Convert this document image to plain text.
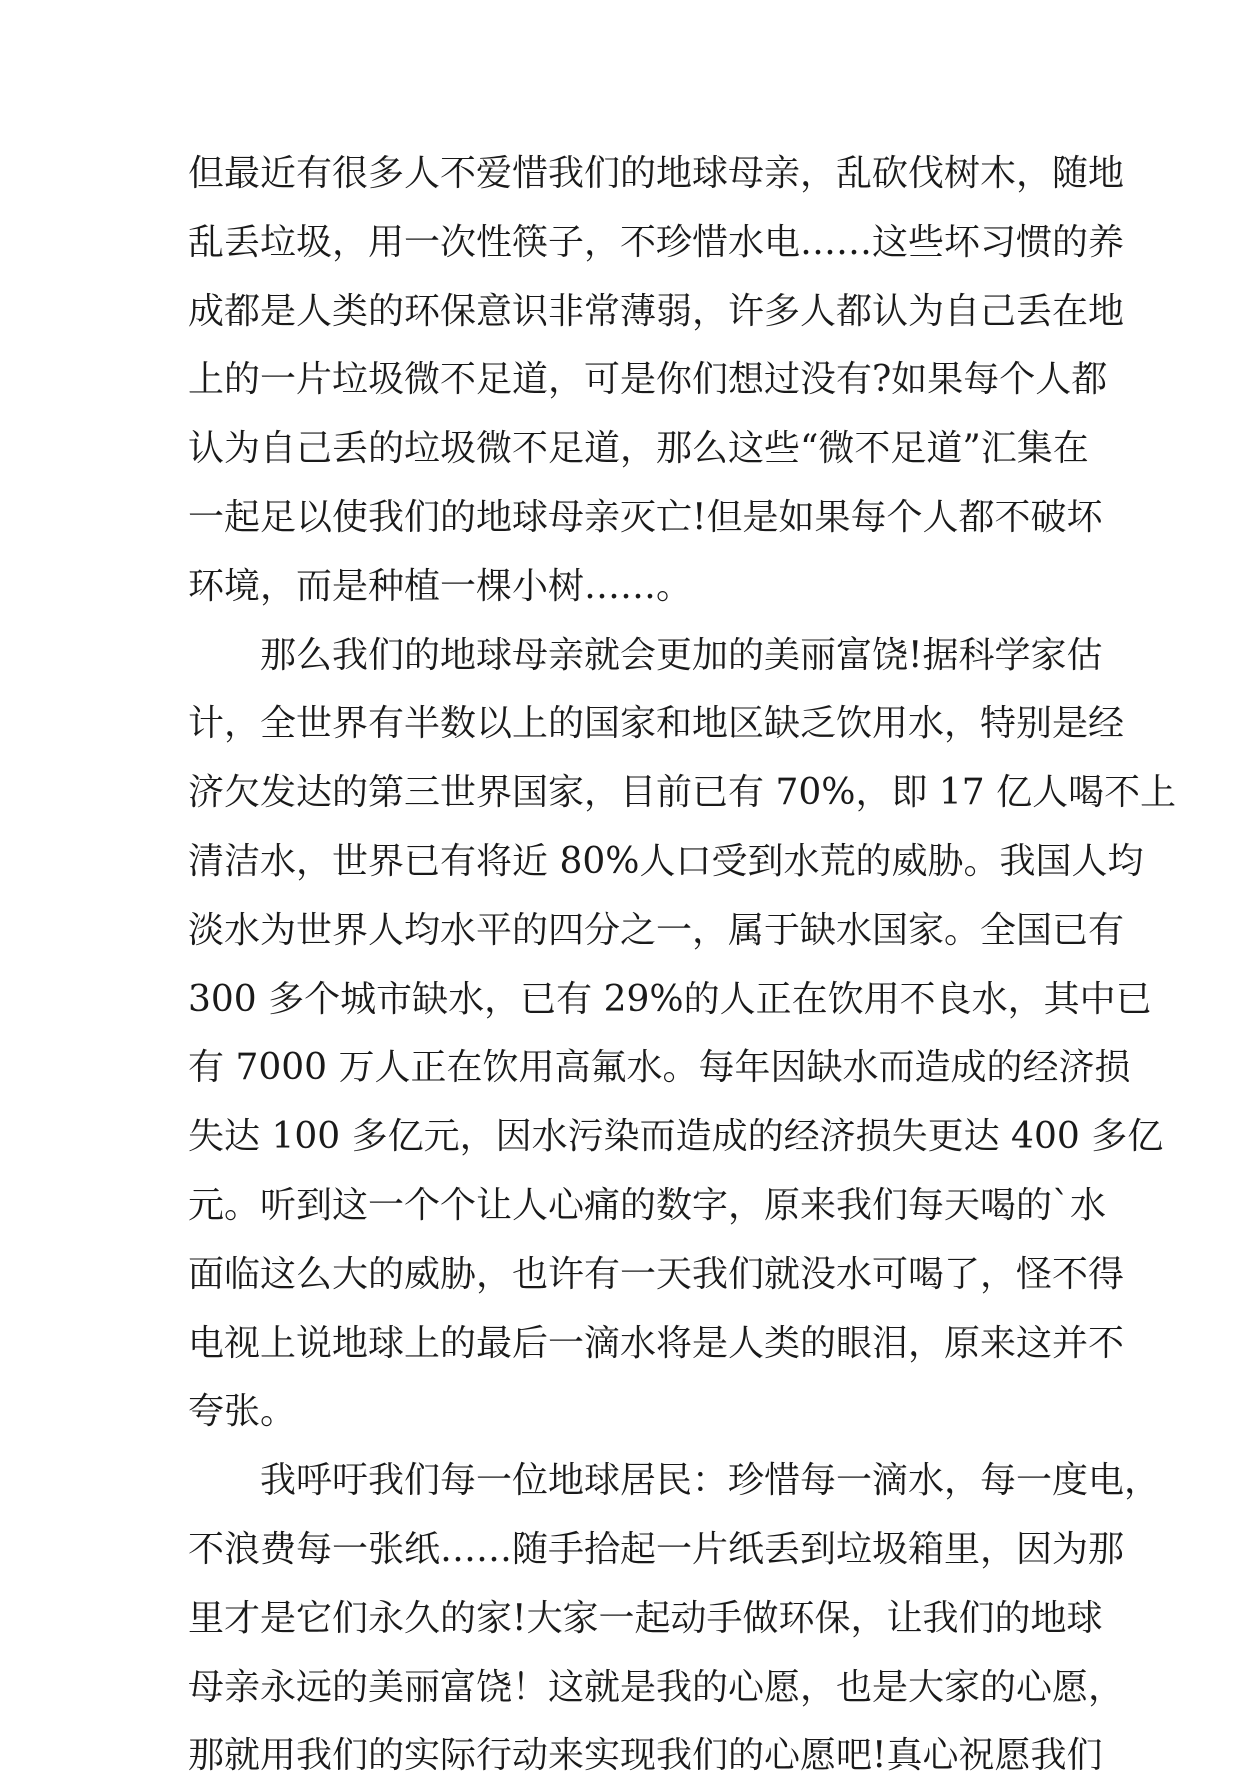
但最近有很多人不爱惜我们的地球母亲，乱砍伐树木，随地
乱丢垃圾，用一次性筷子，不珍惜水电……这些坏习惯的养
成都是人类的环保意识非常薄弱，许多人都认为自己丢在地
上的一片垃圾微不足道，可是你们想过没有?如果每个人都
认为自己丢的垃圾微不足道，那么这些“微不足道”汇集在
一起足以使我们的地球母亲灭亡!但是如果每个人都不破坏
环境，而是种植一棵小树……。
那么我们的地球母亲就会更加的美丽富饶!据科学家估
计，全世界有半数以上的国家和地区缺乏饮用水，特别是经
济欠发达的第三世界国家，目前已有 70%，即 17 亿人喝不上
清洁水，世界已有将近 80%人口受到水荒的威胁。我国人均
淡水为世界人均水平的四分之一，属于缺水国家。全国已有
300 多个城市缺水，已有 29%的人正在饮用不良水，其中已
有 7000 万人正在饮用高氟水。每年因缺水而造成的经济损
失达 100 多亿元，因水污染而造成的经济损失更达 400 多亿
元。听到这一个个让人心痛的数字，原来我们每天喝的`水
面临这么大的威胁，也许有一天我们就没水可喝了，怪不得
电视上说地球上的最后一滴水将是人类的眼泪，原来这并不
夸张。
我呼吁我们每一位地球居民：珍惜每一滴水，每一度电，
不浪费每一张纸……随手拾起一片纸丢到垃圾箱里，因为那
里才是它们永久的家!大家一起动手做环保，让我们的地球
母亲永远的美丽富饶！这就是我的心愿，也是大家的心愿，
那就用我们的实际行动来实现我们的心愿吧!真心祝愿我们
